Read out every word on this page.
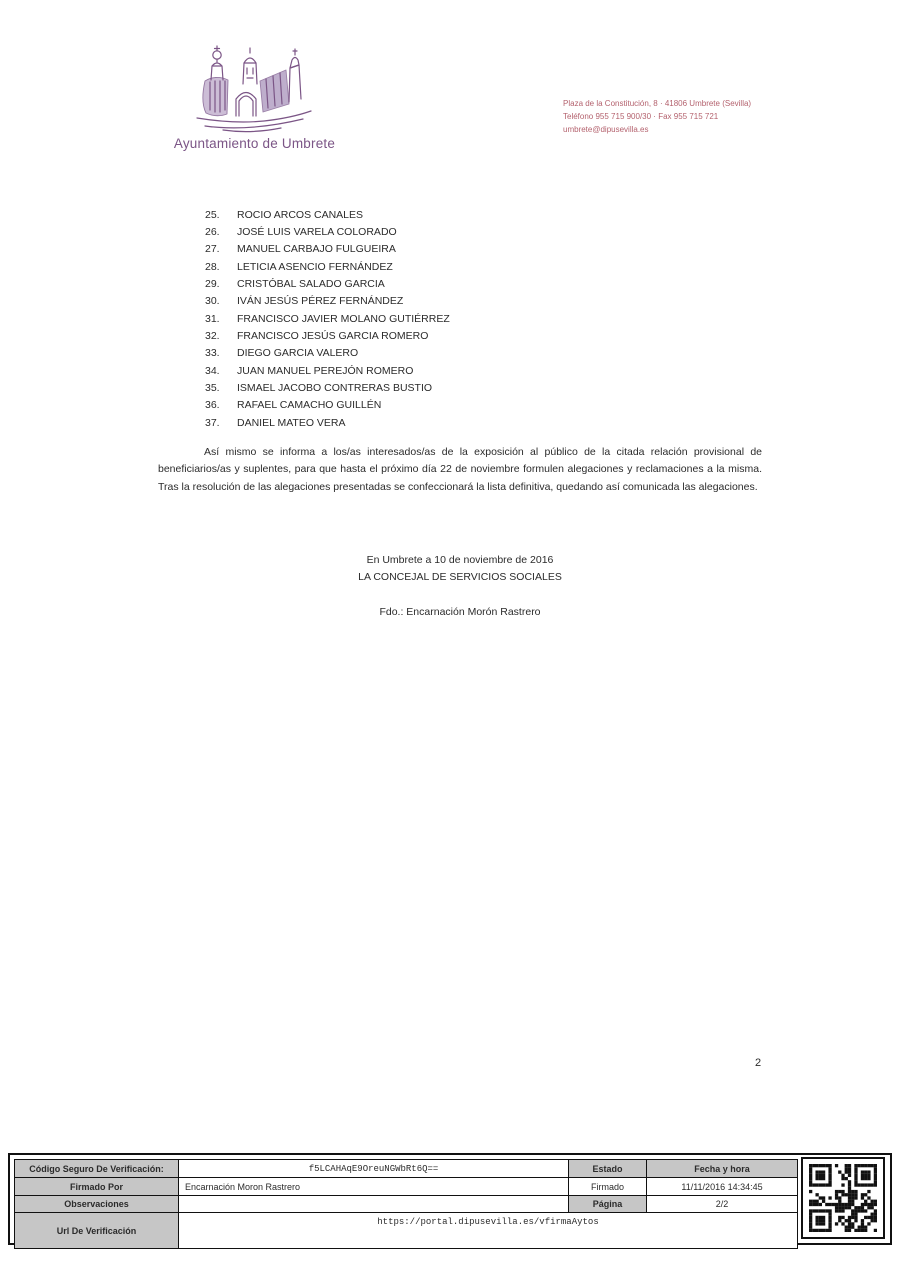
Ayuntamiento de Umbrete
Plaza de la Constitución, 8 · 41806 Umbrete (Sevilla)
Teléfono 955 715 900/30 · Fax 955 715 721
umbrete@dipusevilla.es
25.	ROCIO ARCOS CANALES
26.	JOSÉ LUIS VARELA COLORADO
27.	MANUEL CARBAJO FULGUEIRA
28.	LETICIA ASENCIO FERNÁNDEZ
29.	CRISTÓBAL SALADO GARCIA
30.	IVÁN JESÚS PÉREZ FERNÁNDEZ
31.	FRANCISCO JAVIER MOLANO GUTIÉRREZ
32.	FRANCISCO JESÚS GARCIA ROMERO
33.	DIEGO GARCIA VALERO
34.	JUAN MANUEL PEREJÓN ROMERO
35.	ISMAEL JACOBO CONTRERAS BUSTIO
36.	RAFAEL CAMACHO GUILLÉN
37.	DANIEL MATEO VERA

Así mismo se informa a los/as interesados/as de la exposición al público de la citada relación provisional de beneficiarios/as y suplentes, para que hasta el próximo día 22 de noviembre formulen alegaciones y reclamaciones a la misma. Tras la resolución de las alegaciones presentadas se confeccionará la lista definitiva, quedando así comunicada las alegaciones.

En Umbrete a 10 de noviembre de 2016
LA CONCEJAL DE SERVICIOS SOCIALES
Fdo.: Encarnación Morón Rastrero
2
Código Seguro De Verificación:	f5LCAHAqE9OreuNGWbRt6Q==	Estado	Fecha y hora
Firmado Por	Encarnación Moron Rastrero	Firmado	11/11/2016 14:34:45
Observaciones		Página	2/2
Url De Verificación	https://portal.dipusevilla.es/vfirmaAytos		
